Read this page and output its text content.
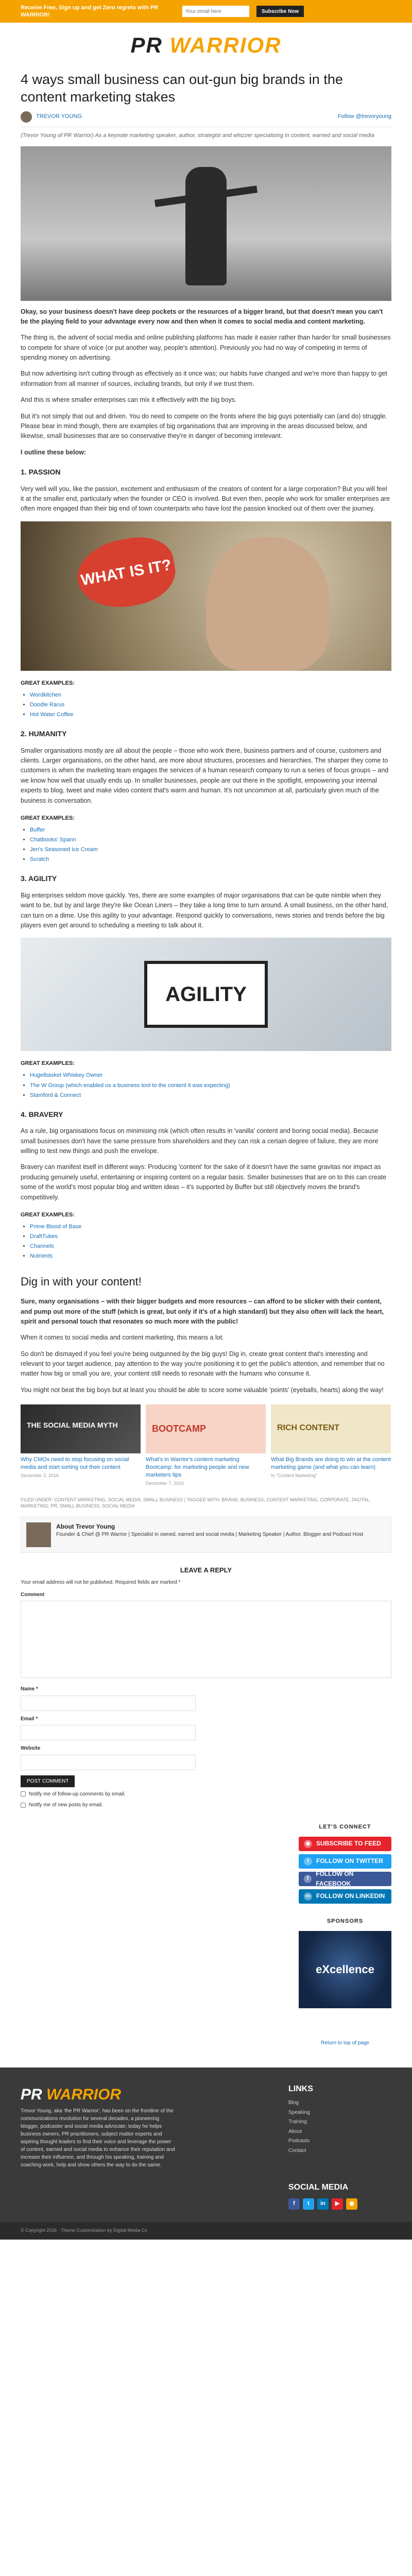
Receive Free, Sign up and get Zero regrets with PR WARRIOR!
Your email here
Subscribe Now
PR WARRIOR
4 ways small business can out-gun big brands in the content marketing stakes
TREVOR YOUNG	Follow @trevoryoung
(Trevor Young of PR Warrior) As a keynote marketing speaker, author, strategist and whizzer specialising in content, earned and social media

Okay, so your business doesn't have deep pockets or the resources of a bigger brand, but that doesn't mean you can't be the playing field to your advantage every now and then when it comes to social media and content marketing.

The thing is, the advent of social media and online publishing platforms has made it easier rather than harder for small businesses to compete for share of voice (or put another way, people's attention). Previously you had no way of competing in terms of spending money on advertising.

But now advertising isn't cutting through as effectively as it once was; our habits have changed and we're more than happy to get information from all manner of sources, including brands, but only if we trust them.

And this is where smaller enterprises can mix it effectively with the big boys.

But it's not simply that out and driven. You do need to compete on the fronts where the big guys potentially can (and do) struggle. Please bear in mind though, there are examples of big organisations that are improving in the areas discussed below, and likewise, small businesses that are so conservative they're in danger of becoming irrelevant.

I outline these below:

1. PASSION

Very well will you, like the passion, excitement and enthusiasm of the creators of content for a large corporation? But you will feel it at the smaller end, particularly when the founder or CEO is involved. But even then, people who work for smaller enterprises are often more engaged than their big end of town counterparts who have lost the passion knocked out of them over the journey.

WHAT IS IT?
GREAT EXAMPLES:
• Wordkitchen
• Doodle Rarus
• Hot Water Coffee
2. HUMANITY

Smaller organisations mostly are all about the people – those who work there, business partners and of course, customers and clients. Larger organisations, on the other hand, are more about structures, processes and hierarchies. The sharper they come to customers is when the marketing team engages the services of a human research company to run a series of focus groups – and we know how well that usually ends up. In smaller businesses, people are out there in the spotlight, empowering your internal experts to blog, tweet and make video content that's warm and human. It's not uncommon at all, particularly given much of the business is conversation.

GREAT EXAMPLES:
• Buffer
• Chatbooks' Spann
• Jen's Seasoned Ice Cream
• Scratch
3. AGILITY

Big enterprises seldom move quickly. Yes, there are some examples of major organisations that can be quite nimble when they want to be, but by and large they're like Ocean Liners – they take a long time to turn around. A small business, on the other hand, can turn on a dime. Use this agility to your advantage. Respond quickly to conversations, news stories and trends before the big players even get around to scheduling a meeting to talk about it.

AGILITY
GREAT EXAMPLES:
• Hugelbasket Whiskey Owner
• The W Group (which enabled us a business tool to the content it was expecting)
• Stamford & Connect
4. BRAVERY

As a rule, big organisations focus on minimising risk (which often results in 'vanilla' content and boring social media). Because small businesses don't have the same pressure from shareholders and they can risk a certain degree of failure, they are more willing to test new things and push the envelope.

Bravery can manifest itself in different ways: Producing 'content' for the sake of it doesn't have the same gravitas nor impact as producing genuinely useful, entertaining or inspiring content on a regular basis. Smaller businesses that are on to this can create some of the world's most popular blog and written ideas – it's supported by Buffer but still objectively moves the brand's competitively.

GREAT EXAMPLES:
• Prime Blood of Base
• DraftTubes
• Channels
• Nutrients
Dig in with your content!

Sure, many organisations – with their bigger budgets and more resources – can afford to be slicker with their content, and pump out more of the stuff (which is great, but only if it's of a high standard) but they also often will lack the heart, spirit and personal touch that resonates so much more with the public!

When it comes to social media and content marketing, this means a lot.

So don't be dismayed if you feel you're being outgunned by the big guys! Dig in, create great content that's interesting and relevant to your target audience, pay attention to the way you're positioning it to get the public's attention, and remember that no matter how big or small you are, your content still needs to resonate with the humans who consume it.

You might not beat the big boys but at least you should be able to score some valuable 'points' (eyeballs, hearts) along the way!

THE SOCIAL MEDIA MYTH
Why CMOs need to stop focusing on social media and start sorting out their content
December 2, 2016
BOOTCAMP
What's in Warrior's content marketing Bootcamp: for marketing people and new marketers tips
December 7, 2016
RICH CONTENT
What Big Brands are doing to win at the content marketing game (and what you can learn)
In "Content Marketing"
FILED UNDER: CONTENT MARKETING, SOCIAL MEDIA, SMALL BUSINESS | TAGGED WITH: BRAND, BUSINESS, CONTENT MARKETING, CORPORATE, DIGITAL, MARKETING, PR, SMALL BUSINESS, SOCIAL MEDIA
About Trevor Young
Founder & Chief @ PR Warrior | Specialist in owned, earned and social media | Marketing Speaker | Author, Blogger and Podcast Host
LEAVE A REPLY
Your email address will not be published. Required fields are marked *
Comment
Name *
Email *
Website
POST COMMENT
Notify me of follow-up comments by email.
Notify me of new posts by email.
LET'S CONNECT
◉ SUBSCRIBE TO FEED
t	FOLLOW ON TWITTER
f
FOLLOW ON FACEBOOK
in FOLLOW ON LINKEDIN
SPONSORS
eXcellence
Return to top of page
PR WARRIOR
Trevor Young, aka 'the PR Warrior', has been on the frontline of the communications revolution for several decades, a pioneering blogger, podcaster and social media advocate; today he helps business owners, PR practitioners, subject matter experts and aspiring thought leaders to find their voice and leverage the power of content, earned and social media to enhance their reputation and increase their influence, and through his speaking, training and coaching work, help and show others the way to do the same.
LINKS
Blog
Speaking
Training
About
Podcasts
Contact
SOCIAL MEDIA
f	t	in	▶	◉
© Copyright 2016 · Theme Customization by Digital Media Co
